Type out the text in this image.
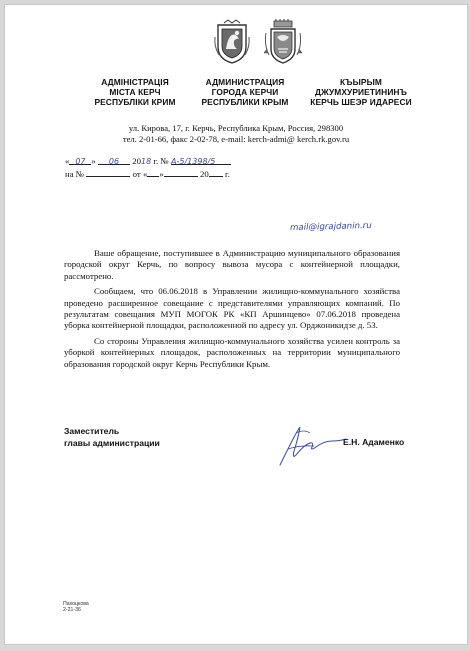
АДМІНІСТРАЦІЯ
МІСТА КЕРЧ
РЕСПУБЛІКИ КРИМ
АДМИНИСТРАЦИЯ
ГОРОДА КЕРЧИ
РЕСПУБЛИКИ КРЫМ
КЪЫРЫМ
ДЖУМХУРИЕТИНИНЪ
КЕРЧЬ ШЕЭР ИДАРЕСИ
ул. Кирова, 17, г. Керчь, Республика Крым, Россия, 298300
тел. 2-01-66, факс 2-02-78, e-mail: kerch-admi@ kerch.rk.gov.ru
« 07 » 06 2018 г. № А-5/1398/5
на №	от « »	20 г.
mail@igrajdanin.ru

Ваше обращение, поступившее в Администрацию муниципального образования городской округ Керчь, по вопросу вывоза мусора с контейнерной площадки, рассмотрено.

Сообщаем, что 06.06.2018 в Управлении жилищно-коммунального хозяйства проведено расширенное совещание с представителями управляющих компаний. По результатам совещания МУП МОГОК РК «КП Аршинцево» 07.06.2018 проведена уборка контейнерной площадки, расположенной по адресу ул. Орджоникидзе д. 53.

Со стороны Управления жилищно-коммунального хозяйства усилен контроль за уборкой контейнерных площадок, расположенных на территории муниципального образования городской округ Керчь Республики Крым.

Заместитель
главы администрации	Е.Н. Адаменко
Пахоцкова
2-21-36
